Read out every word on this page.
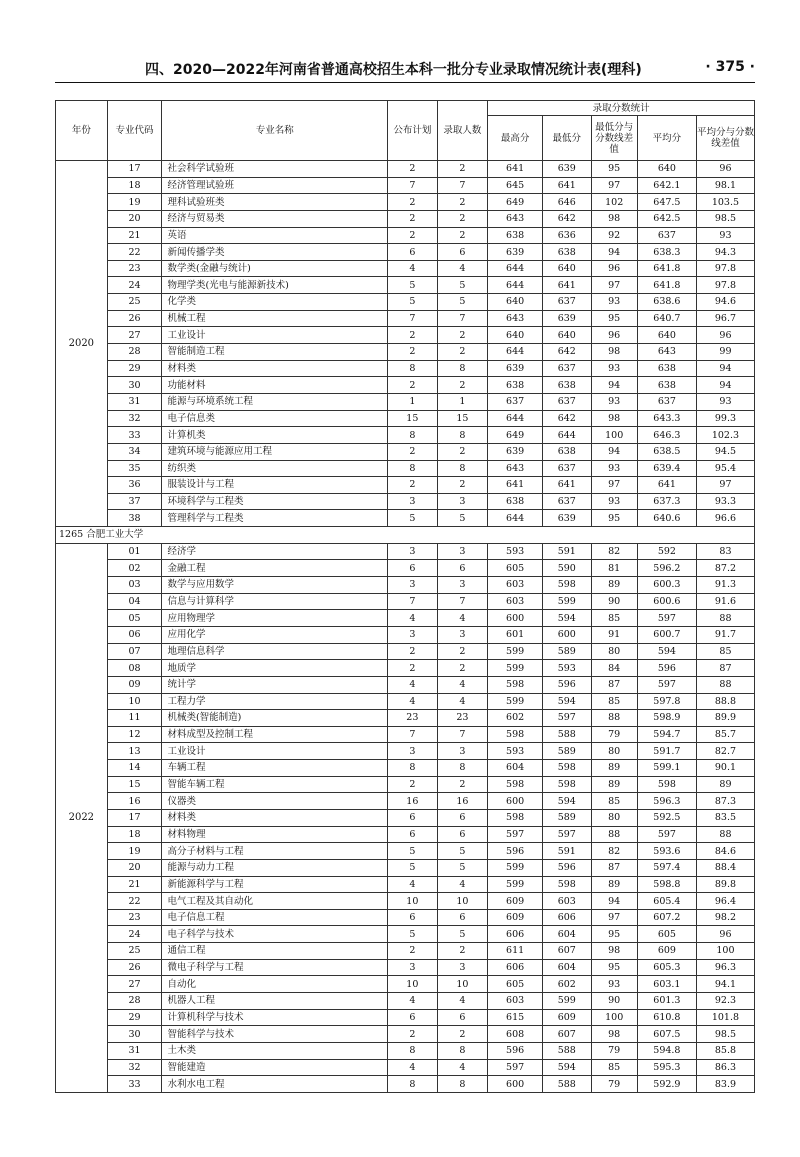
四、2020—2022年河南省普通高校招生本科一批分专业录取情况统计表(理科)	· 375 ·
年份	专业代码	专业名称	公布计划	录取人数	录取分数统计				
					最高分	最低分	最低分与分数线差值	平均分	平均分与分数线差值
2020	17	社会科学试验班	2	2	641	639	95	640	96
	18	经济管理试验班	7	7	645	641	97	642.1	98.1
	19	理科试验班类	2	2	649	646	102	647.5	103.5
	20	经济与贸易类	2	2	643	642	98	642.5	98.5
	21	英语	2	2	638	636	92	637	93
	22	新闻传播学类	6	6	639	638	94	638.3	94.3
	23	数学类(金融与统计)	4	4	644	640	96	641.8	97.8
	24	物理学类(光电与能源新技术)	5	5	644	641	97	641.8	97.8
	25	化学类	5	5	640	637	93	638.6	94.6
	26	机械工程	7	7	643	639	95	640.7	96.7
	27	工业设计	2	2	640	640	96	640	96
	28	智能制造工程	2	2	644	642	98	643	99
	29	材料类	8	8	639	637	93	638	94
	30	功能材料	2	2	638	638	94	638	94
	31	能源与环境系统工程	1	1	637	637	93	637	93
	32	电子信息类	15	15	644	642	98	643.3	99.3
	33	计算机类	8	8	649	644	100	646.3	102.3
	34	建筑环境与能源应用工程	2	2	639	638	94	638.5	94.5
	35	纺织类	8	8	643	637	93	639.4	95.4
	36	服装设计与工程	2	2	641	641	97	641	97
	37	环境科学与工程类	3	3	638	637	93	637.3	93.3
	38	管理科学与工程类	5	5	644	639	95	640.6	96.6
1265 合肥工业大学									
2022	01	经济学	3	3	593	591	82	592	83
	02	金融工程	6	6	605	590	81	596.2	87.2
	03	数学与应用数学	3	3	603	598	89	600.3	91.3
	04	信息与计算科学	7	7	603	599	90	600.6	91.6
	05	应用物理学	4	4	600	594	85	597	88
	06	应用化学	3	3	601	600	91	600.7	91.7
	07	地理信息科学	2	2	599	589	80	594	85
	08	地质学	2	2	599	593	84	596	87
	09	统计学	4	4	598	596	87	597	88
	10	工程力学	4	4	599	594	85	597.8	88.8
	11	机械类(智能制造)	23	23	602	597	88	598.9	89.9
	12	材料成型及控制工程	7	7	598	588	79	594.7	85.7
	13	工业设计	3	3	593	589	80	591.7	82.7
	14	车辆工程	8	8	604	598	89	599.1	90.1
	15	智能车辆工程	2	2	598	598	89	598	89
	16	仪器类	16	16	600	594	85	596.3	87.3
	17	材料类	6	6	598	589	80	592.5	83.5
	18	材料物理	6	6	597	597	88	597	88
	19	高分子材料与工程	5	5	596	591	82	593.6	84.6
	20	能源与动力工程	5	5	599	596	87	597.4	88.4
	21	新能源科学与工程	4	4	599	598	89	598.8	89.8
	22	电气工程及其自动化	10	10	609	603	94	605.4	96.4
	23	电子信息工程	6	6	609	606	97	607.2	98.2
	24	电子科学与技术	5	5	606	604	95	605	96
	25	通信工程	2	2	611	607	98	609	100
	26	微电子科学与工程	3	3	606	604	95	605.3	96.3
	27	自动化	10	10	605	602	93	603.1	94.1
	28	机器人工程	4	4	603	599	90	601.3	92.3
	29	计算机科学与技术	6	6	615	609	100	610.8	101.8
	30	智能科学与技术	2	2	608	607	98	607.5	98.5
	31	土木类	8	8	596	588	79	594.8	85.8
	32	智能建造	4	4	597	594	85	595.3	86.3
	33	水利水电工程	8	8	600	588	79	592.9	83.9
